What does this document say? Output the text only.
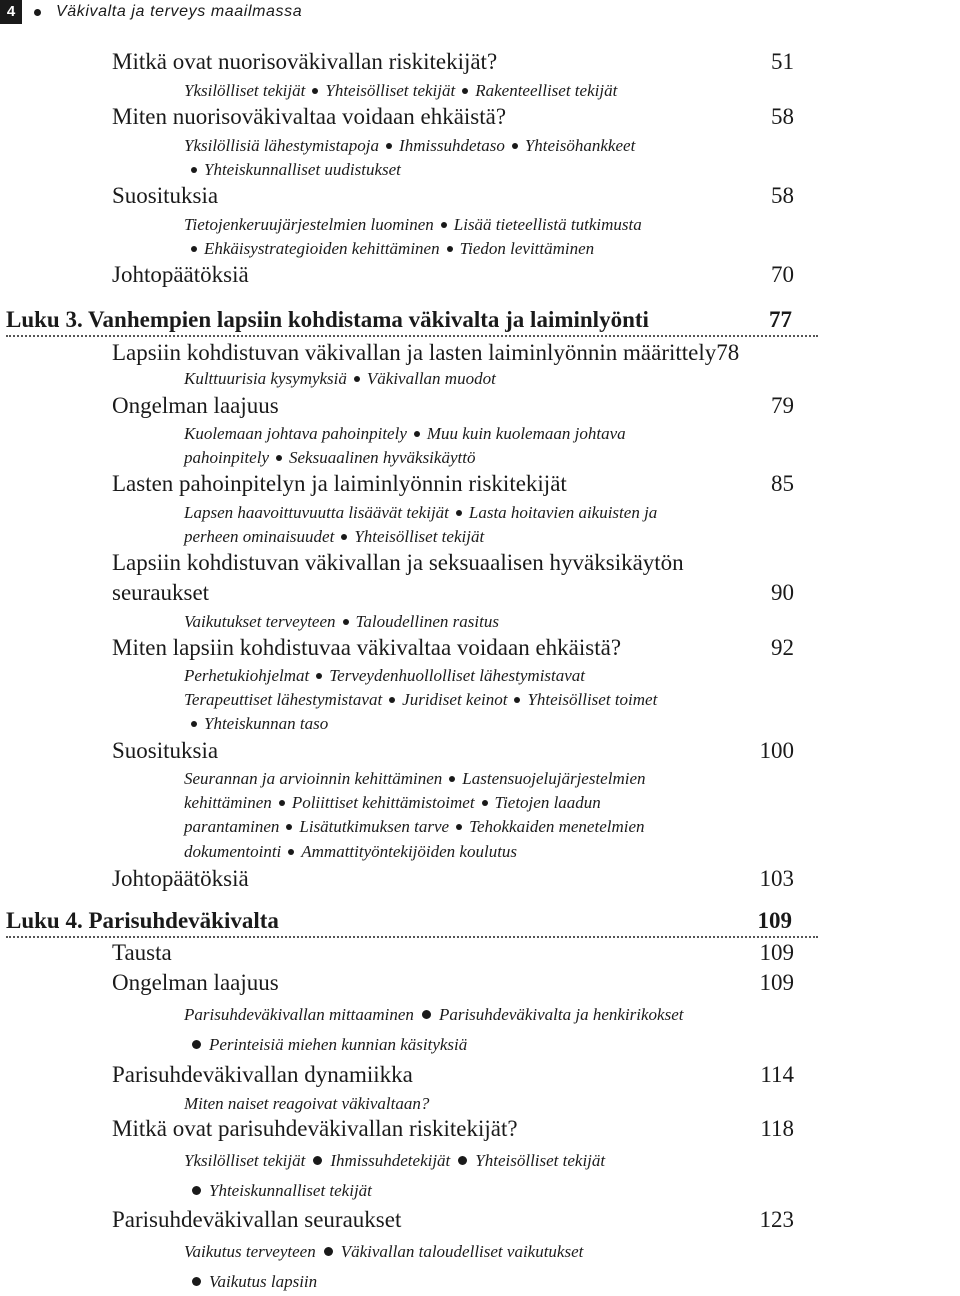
4	Väkivalta ja terveys maailmassa
Mitkä ovat nuorisoväkivallan riskitekijät?	51
Yksilölliset tekijät Yhteisölliset tekijät Rakenteelliset tekijät
Miten nuorisoväkivaltaa voidaan ehkäistä?	58
Yksilöllisiä lähestymistapoja Ihmissuhdetaso Yhteisöhankkeet
Yhteiskunnalliset uudistukset
Suosituksia	58
Tietojenkeruujärjestelmien luominen Lisää tieteellistä tutkimusta
Ehkäisystrategioiden kehittäminen Tiedon levittäminen
Johtopäätöksiä	70
Luku 3. Vanhempien lapsiin kohdistama väkivalta ja laiminlyönti	77
Lapsiin kohdistuvan väkivallan ja lasten laiminlyönnin määrittely78
Kulttuurisia kysymyksiä Väkivallan muodot
Ongelman laajuus	79
Kuolemaan johtava pahoinpitely Muu kuin kuolemaan johtava
pahoinpitely Seksuaalinen hyväksikäyttö
Lasten pahoinpitelyn ja laiminlyönnin riskitekijät	85
Lapsen haavoittuvuutta lisäävät tekijät Lasta hoitavien aikuisten ja
perheen ominaisuudet Yhteisölliset tekijät
Lapsiin kohdistuvan väkivallan ja seksuaalisen hyväksikäytön
seuraukset	90
Vaikutukset terveyteen Taloudellinen rasitus
Miten lapsiin kohdistuvaa väkivaltaa voidaan ehkäistä?	92
Perhetukiohjelmat Terveydenhuollolliset lähestymistavat
Terapeuttiset lähestymistavat Juridiset keinot Yhteisölliset toimet
Yhteiskunnan taso
Suosituksia	100
Seurannan ja arvioinnin kehittäminen Lastensuojelujärjestelmien
kehittäminen Poliittiset kehittämistoimet Tietojen laadun
parantaminen Lisätutkimuksen tarve Tehokkaiden menetelmien
dokumentointi Ammattityöntekijöiden koulutus
Johtopäätöksiä	103
Luku 4. Parisuhdeväkivalta	109
Tausta	109
Ongelman laajuus	109
Parisuhdeväkivallan mittaaminen Parisuhdeväkivalta ja henkirikokset
Perinteisiä miehen kunnian käsityksiä
Parisuhdeväkivallan dynamiikka	114
Miten naiset reagoivat väkivaltaan?
Mitkä ovat parisuhdeväkivallan riskitekijät?	118
Yksilölliset tekijät Ihmissuhdetekijät Yhteisölliset tekijät
Yhteiskunnalliset tekijät
Parisuhdeväkivallan seuraukset	123
Vaikutus terveyteen Väkivallan taloudelliset vaikutukset
Vaikutus lapsiin
